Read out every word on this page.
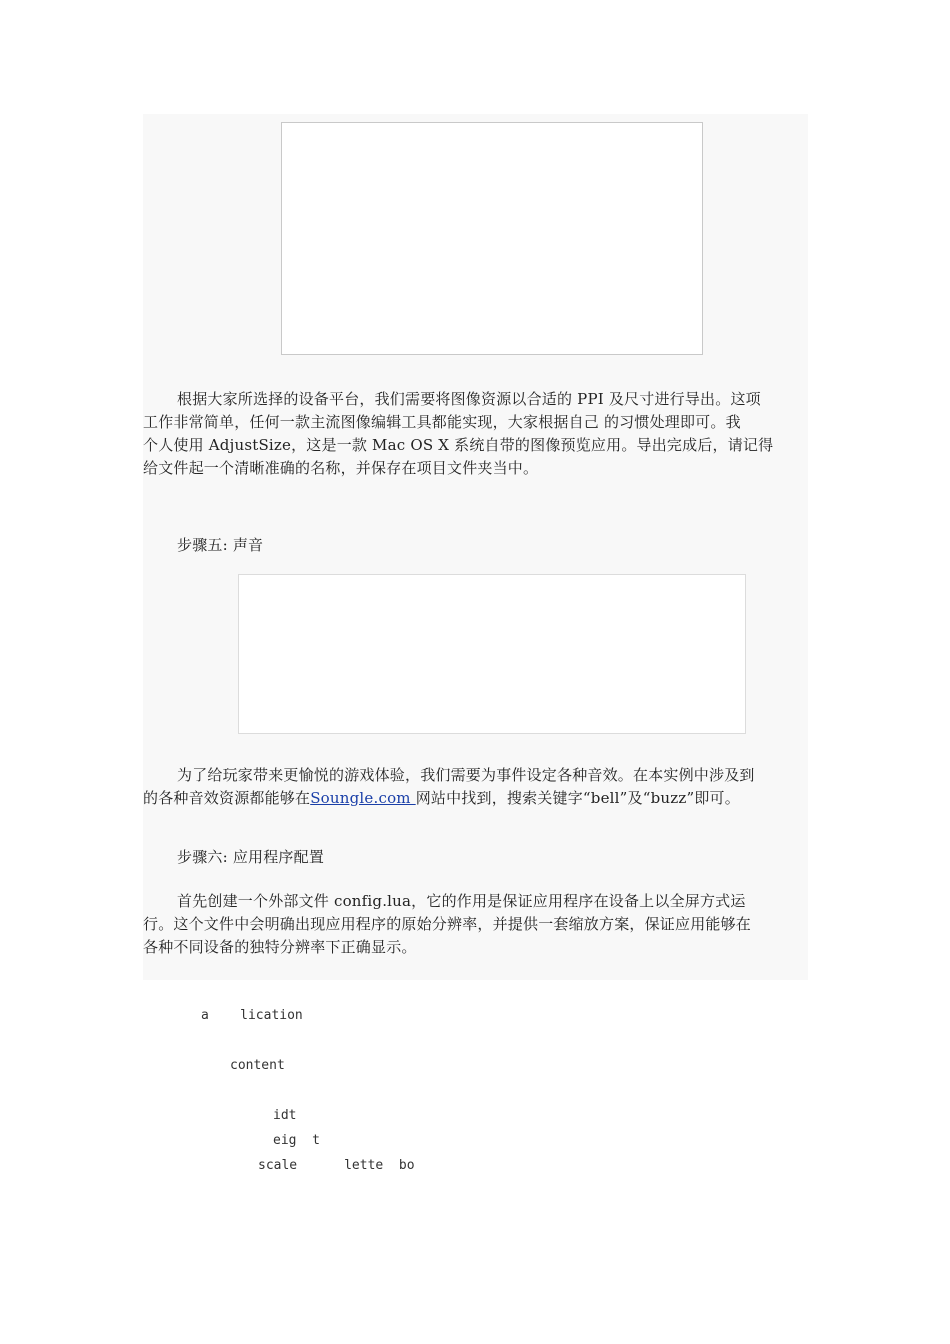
根据大家所选择的设备平台，我们需要将图像资源以合适的 PPI 及尺寸进行导出。这项
工作非常简单，任何一款主流图像编辑工具都能实现，大家根据自己 的习惯处理即可。我
个人使用 AdjustSize，这是一款 Mac OS X 系统自带的图像预览应用。导出完成后，请记得
给文件起一个清晰准确的名称，并保存在项目文件夹当中。
步骤五: 声音
为了给玩家带来更愉悦的游戏体验，我们需要为事件设定各种音效。在本实例中涉及到
的各种音效资源都能够在Soungle.com 网站中找到，搜索关键字“bell”及“buzz”即可。
步骤六: 应用程序配置
首先创建一个外部文件 config.lua，它的作用是保证应用程序在设备上以全屏方式运
行。这个文件中会明确出现应用程序的原始分辨率，并提供一套缩放方案，保证应用能够在
各种不同设备的独特分辨率下正确显示。
a    lication
content
idt
eig  t
scale      lette  bo
